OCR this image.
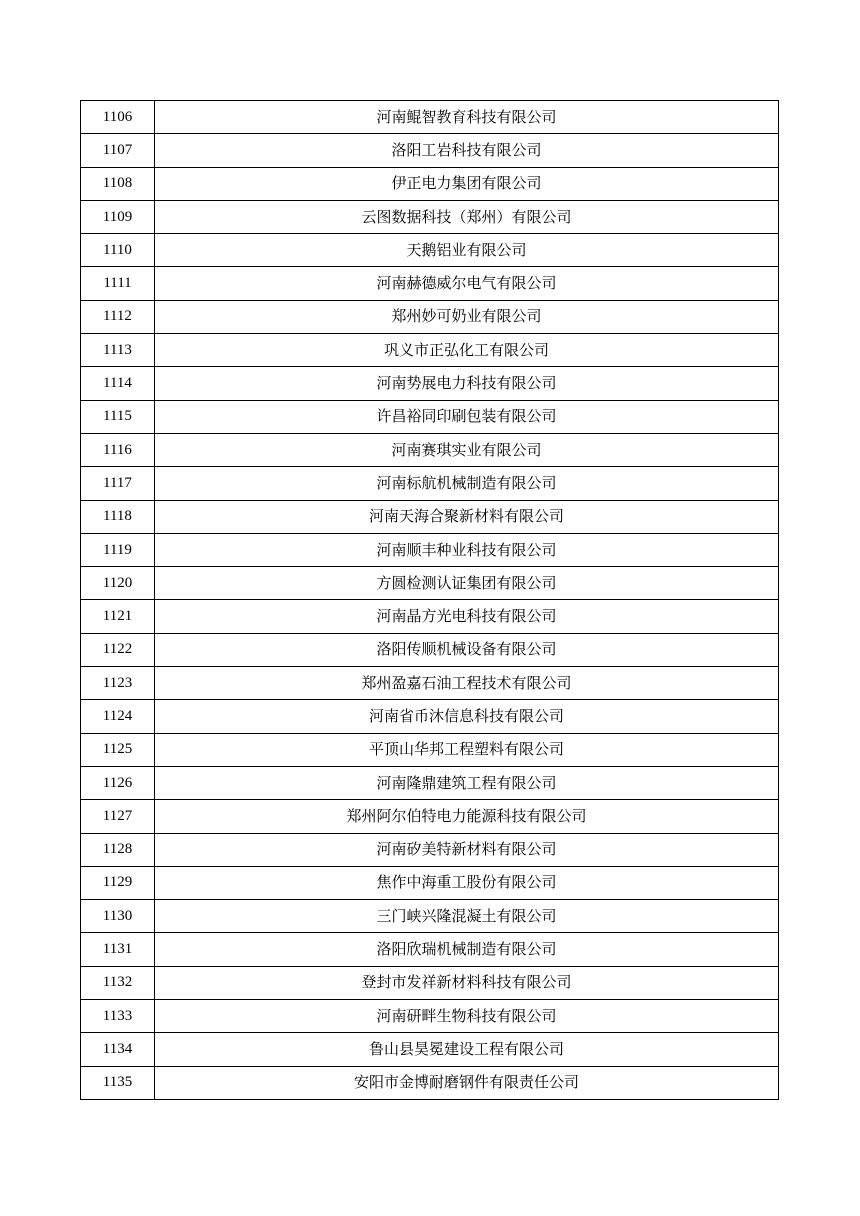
1106	河南鲲智教育科技有限公司
1107	洛阳工岩科技有限公司
1108	伊正电力集团有限公司
1109	云图数据科技（郑州）有限公司
1110	天鹅铝业有限公司
1111	河南赫德威尔电气有限公司
1112	郑州妙可奶业有限公司
1113	巩义市正弘化工有限公司
1114	河南势展电力科技有限公司
1115	许昌裕同印刷包装有限公司
1116	河南赛琪实业有限公司
1117	河南标航机械制造有限公司
1118	河南天海合聚新材料有限公司
1119	河南顺丰种业科技有限公司
1120	方圆检测认证集团有限公司
1121	河南晶方光电科技有限公司
1122	洛阳传顺机械设备有限公司
1123	郑州盈嘉石油工程技术有限公司
1124	河南省币沐信息科技有限公司
1125	平顶山华邦工程塑料有限公司
1126	河南隆鼎建筑工程有限公司
1127	郑州阿尔伯特电力能源科技有限公司
1128	河南矽美特新材料有限公司
1129	焦作中海重工股份有限公司
1130	三门峡兴隆混凝土有限公司
1131	洛阳欣瑞机械制造有限公司
1132	登封市发祥新材料科技有限公司
1133	河南研畔生物科技有限公司
1134	鲁山县昊冕建设工程有限公司
1135	安阳市金博耐磨钢件有限责任公司
